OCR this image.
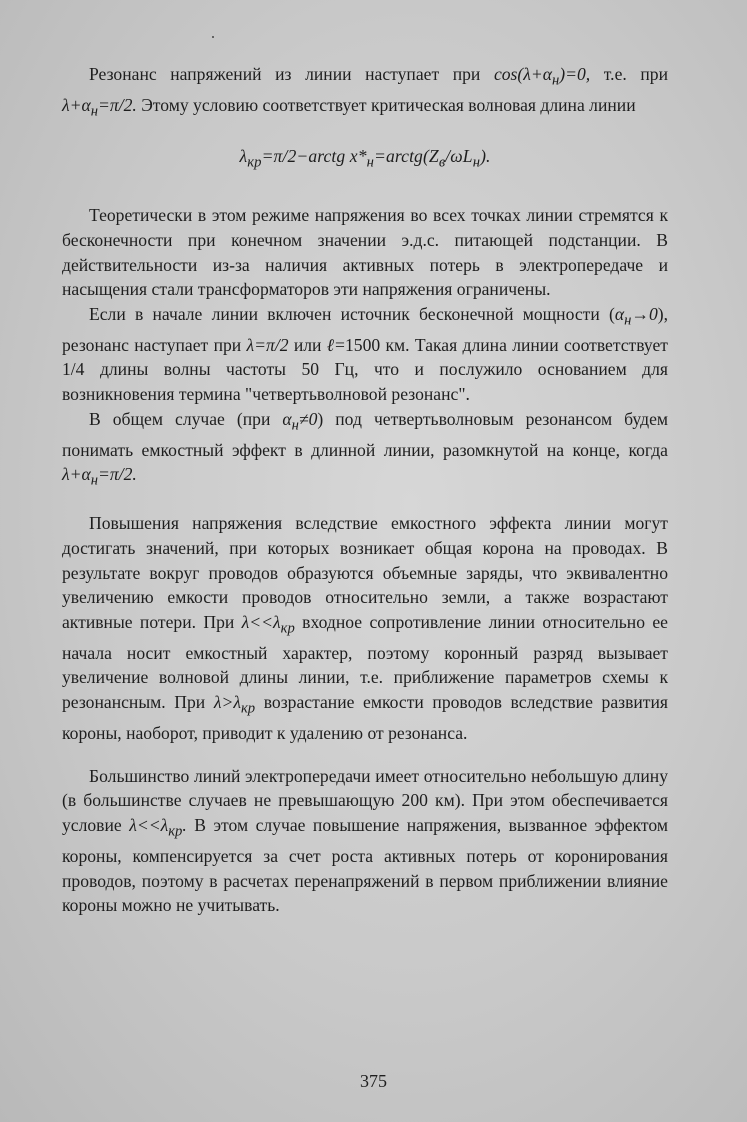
Резонанс напряжений из линии наступает при $\cos(\lambda+\alpha_н)=0$, т.е. при $\lambda+\alpha_н=\pi/2$. Этому условию соответствует критическая волновая длина линии

$\lambda_{кр}=\pi/2-arctg$ $x*_н=arctg(Z_в/\omega L_н)$.

Теоретически в этом режиме напряжения во всех точках линии стремятся к бесконечности при конечном значении э.д.с. питающей подстанции. В действительности из-за наличия активных потерь в электропередаче и насыщения стали трансформаторов эти напряжения ограничены.

Если в начале линии включен источник бесконечной мощности $(\alpha_н\to 0)$, резонанс наступает при λ=π/2 или ℓ=1500 км. Такая длина линии соответствует 1/4 длины волны частоты 50 Гц, что и послужило основанием для возникновения термина "четвертьволновой резонанс".

В общем случае (при $\alpha_н\ne 0$) под четвертьволновым резонансом будем понимать емкостный эффект в длинной линии, разомкнутой на конце, когда $\lambda+\alpha_н=\pi/2$.

Повышения напряжения вследствие емкостного эффекта линии могут достигать значений, при которых возникает общая корона на проводах. В результате вокруг проводов образуются объемные заряды, что эквивалентно увеличению емкости проводов относительно земли, а также возрастают активные потери. При $\lambda<<\lambda_{кр}$ входное сопротивление линии относительно ее начала носит емкостный характер, поэтому коронный разряд вызывает увеличение волновой длины линии, т.е. приближение параметров схемы к резонансным. При $\lambda>\lambda_{кр}$ возрастание емкости проводов вследствие развития короны, наоборот, приводит к удалению от резонанса.

Большинство линий электропередачи имеет относительно небольшую длину (в большинстве случаев не превышающую 200 км). При этом обеспечивается условие $\lambda<<\lambda_{кр}$. В этом случае повышение напряжения, вызванное эффектом короны, компенсируется за счет роста активных потерь от коронирования проводов, поэтому в расчетах перенапряжений в первом приближении влияние короны можно не учитывать.

375
